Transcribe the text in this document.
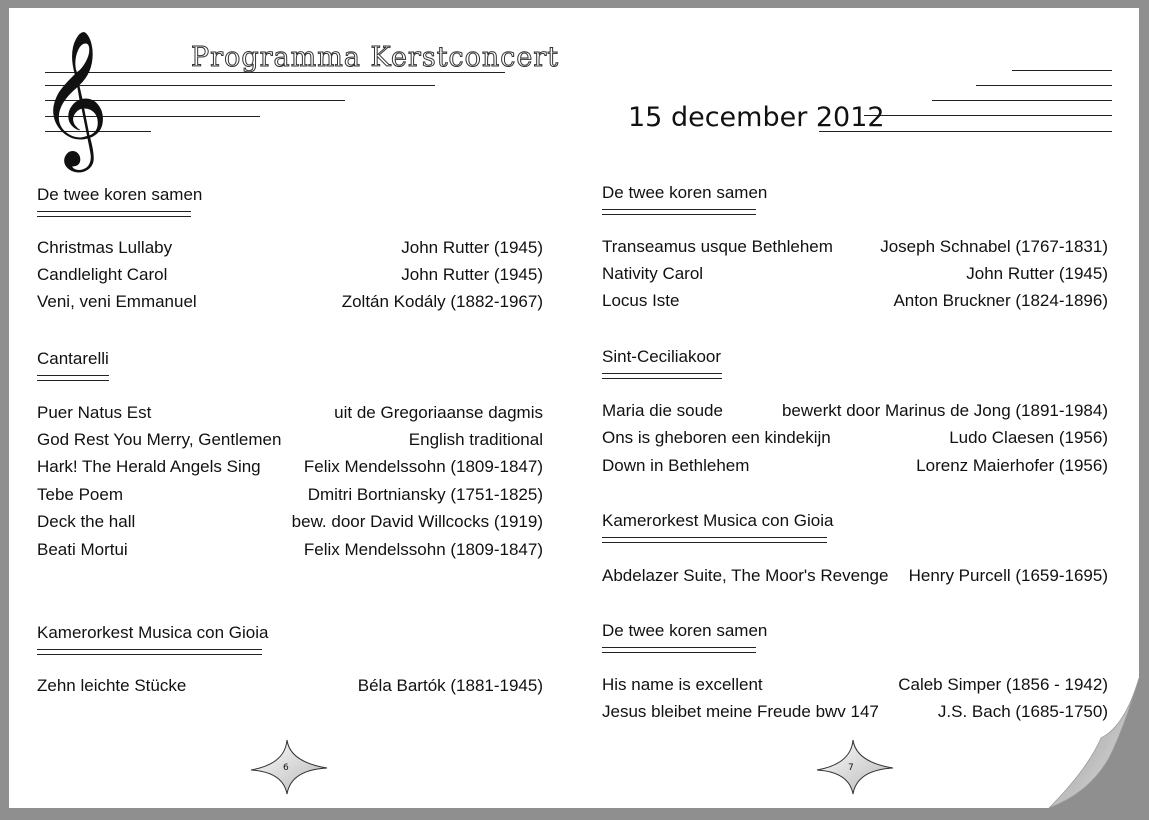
𝄞	Programma Kerstconcert
15 december 2012
De twee koren samen
Christmas Lullaby	John Rutter (1945)
Candlelight Carol	John Rutter (1945)
Veni, veni Emmanuel	Zoltán Kodály (1882-1967)
Cantarelli
Puer Natus Est	uit de Gregoriaanse dagmis
God Rest You Merry, Gentlemen	English traditional
Hark! The Herald Angels Sing	Felix Mendelssohn (1809-1847)
Tebe Poem	Dmitri Bortniansky (1751-1825)
Deck the hall	bew. door David Willcocks (1919)
Beati Mortui	Felix Mendelssohn (1809-1847)
Kamerorkest Musica con Gioia
Zehn leichte Stücke	Béla Bartók (1881-1945)
6
De twee koren samen
Transeamus usque Bethlehem	Joseph Schnabel (1767-1831)
Nativity Carol	John Rutter (1945)
Locus Iste	Anton Bruckner (1824-1896)
Sint-Ceciliakoor
Maria die soude	bewerkt door Marinus de Jong (1891-1984)
Ons is gheboren een kindekijn	Ludo Claesen (1956)
Down in Bethlehem	Lorenz Maierhofer (1956)
Kamerorkest Musica con Gioia
Abdelazer Suite, The Moor's Revenge Henry Purcell (1659-1695)
De twee koren samen
His name is excellent	Caleb Simper (1856 - 1942)
Jesus bleibet meine Freude bwv 147	J.S. Bach (1685-1750)
7
